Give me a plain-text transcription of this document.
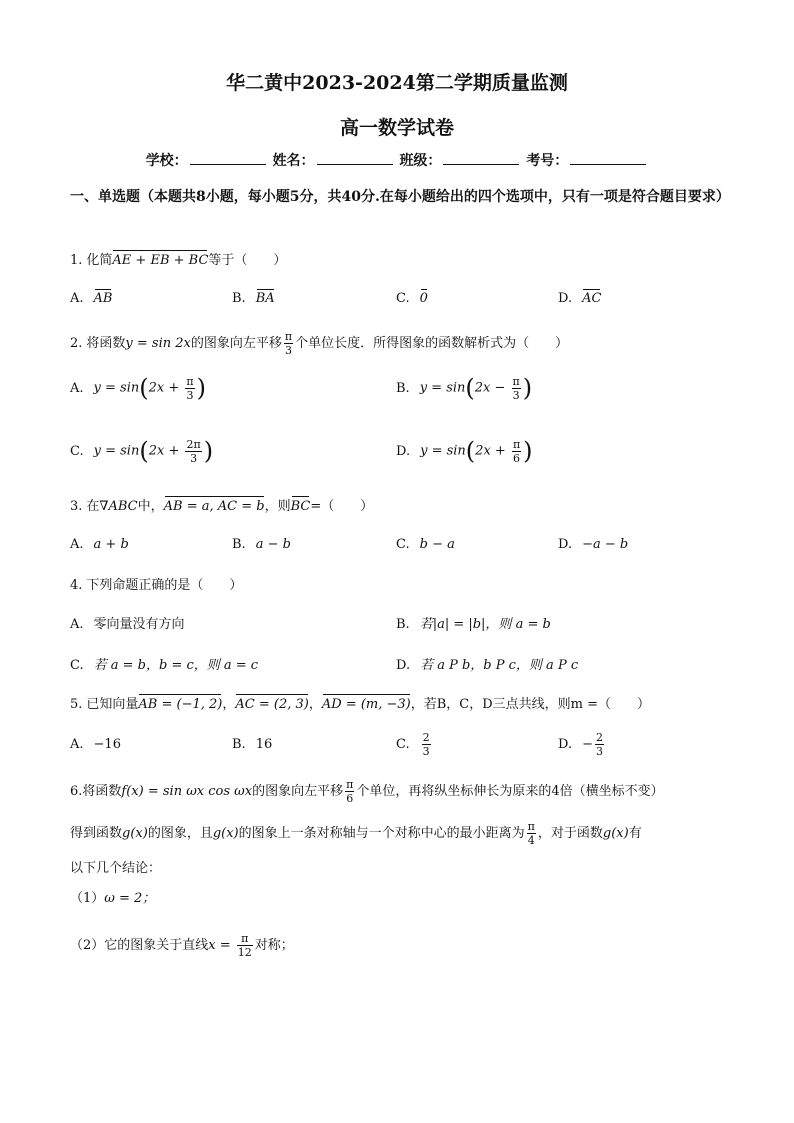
华二黄中2023-2024第二学期质量监测
高一数学试卷
学校：	姓名：	班级：	考号：
一、单选题（本题共8小题，每小题5分，共40分.在每小题给出的四个选项中，只有一项是符合题目要求）
1. 化简AE + EB + BC等于（　　）
A. AB	B. BA	C. 0	D. AC
2. 将函数y = sin 2x的图象向左平移 $\frac{\pi}{3}$ 个单位长度．所得图象的函数解析式为（　　）
A. $y = \sin(2x + \frac{\pi}{3}$ )	B. $y = \sin(2x - \frac{\pi}{3}$ )
C. $y = \sin(2x + \frac{2\pi}{3}$ )	D. $y = \sin(2x + \frac{\pi}{6}$ )
3. 在∇ABC中，AB = a, AC = b，则BC=（　　）
A. a + b	B. a − b	C. b − a	D. −a − b
4. 下列命题正确的是（　　）
A. 零向量没有方向	B. 若|a| = |b|，则 a = b
C. 若 a = b，b = c，则 a = c	D. 若 a P b，b P c，则 a P c
5. 已知向量AB = (−1, 2)，AC = (2, 3)，AD = (m, −3)，若B，C，D三点共线，则m =（　　）
A. −16	B. 16	C. $\frac{2}{3}$	D. − $\frac{2}{3}$
6.将函数f(x) = sin ωx cos ωx的图象向左平移 $\frac{\pi}{6}$ 个单位，再将纵坐标伸长为原来的4倍（横坐标不变）
得到函数g(x)的图象，且g(x)的图象上一条对称轴与一个对称中心的最小距离为 $\frac{\pi}{4}$ ，对于函数g(x)有
以下几个结论：
（1）ω = 2；
（2）它的图象关于直线$x = \frac{\pi}{12}$ 对称；
